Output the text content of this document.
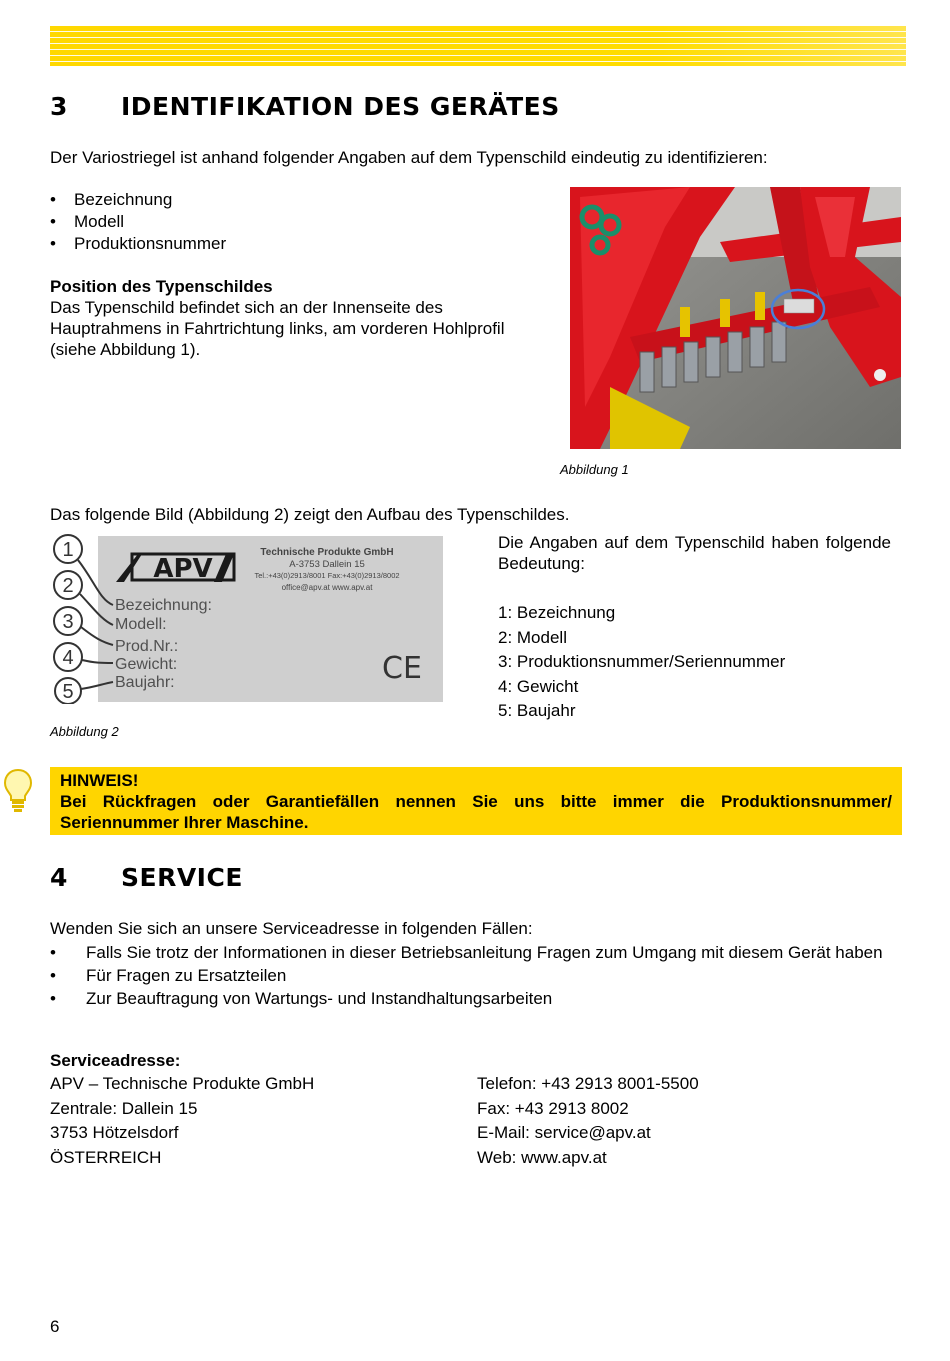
3 IDENTIFIKATION DES GERÄTES
Der Variostriegel ist anhand folgender Angaben auf dem Typenschild eindeutig zu identifizieren:
• Bezeichnung
• Modell
• Produktionsnummer
Position des Typenschildes
Das Typenschild befindet sich an der Innenseite des Hauptrahmens in Fahrtrichtung links, am vorderen Hohlprofil (siehe Abbildung 1).
Abbildung 1
Das folgende Bild (Abbildung 2) zeigt den Aufbau des Typenschildes.
APV
Technische Produkte GmbH
A-3753 Dallein 15
Tel.:+43(0)2913/8001 Fax:+43(0)2913/8002
office@apv.at www.apv.at
Bezeichnung:
Modell:
Prod.Nr.:
Gewicht:
Baujahr:	CE
1
2
3
4
5
Abbildung 2
Die Angaben auf dem Typenschild haben folgende Bedeutung:
1: Bezeichnung
2: Modell
3: Produktionsnummer/Seriennummer
4: Gewicht
5: Baujahr
HINWEIS!
Bei Rückfragen oder Garantiefällen nennen Sie uns bitte immer die Produktionsnummer/ Seriennummer Ihrer Maschine.
4 SERVICE
Wenden Sie sich an unsere Serviceadresse in folgenden Fällen:
• Falls Sie trotz der Informationen in dieser Betriebsanleitung Fragen zum Umgang mit diesem Gerät haben
• Für Fragen zu Ersatzteilen
• Zur Beauftragung von Wartungs- und Instandhaltungsarbeiten
Serviceadresse:
APV – Technische Produkte GmbH
Zentrale: Dallein 15
3753 Hötzelsdorf
ÖSTERREICH
Telefon: +43 2913 8001-5500
Fax: +43 2913 8002
E-Mail: service@apv.at
Web: www.apv.at
6
